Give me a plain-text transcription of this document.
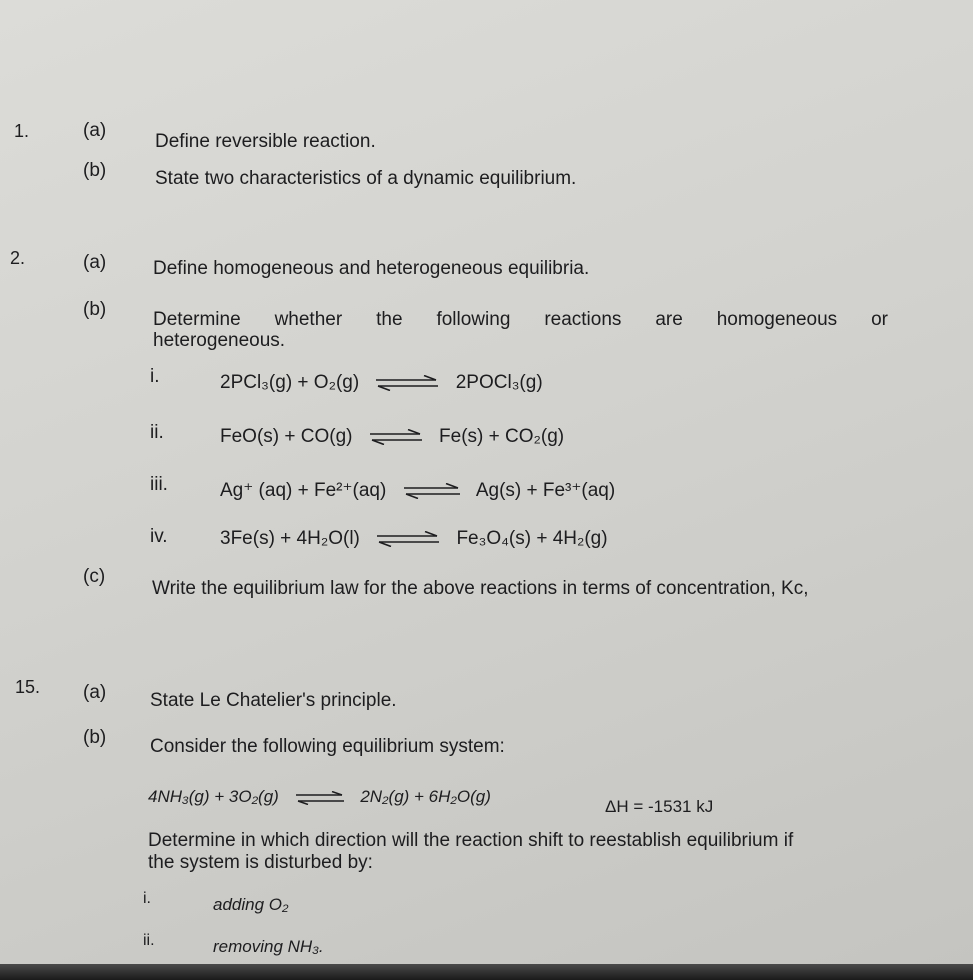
1.	(a)
Define reversible reaction.
(b)	State two characteristics of a dynamic equilibrium.
2.	(a) Define homogeneous and heterogeneous equilibria.
(b) Determine whether the following reactions are homogeneous or
heterogeneous.
i.	2PCl₃(g) + O₂(g) ⇌ 2POCl₃(g)
ii.	FeO(s) + CO(g) ⇌ Fe(s) + CO₂(g)
iii.	Ag⁺ (aq) + Fe²⁺(aq) ⇌ Ag(s) + Fe³⁺(aq)
iv.	3Fe(s) + 4H₂O(l) ⇌ Fe₃O₄(s) + 4H₂(g)
(c)
Write the equilibrium law for the above reactions in terms of concentration, Kc,
15. (a) State Le Chatelier's principle.
(b) Consider the following equilibrium system:
4NH₃(g) + 3O₂(g) ⇌ 2N₂(g) + 6H₂O(g)
ΔH = -1531 kJ
Determine in which direction will the reaction shift to reestablish equilibrium if
the system is disturbed by:
i.	adding O₂
ii.	removing NH₃.
